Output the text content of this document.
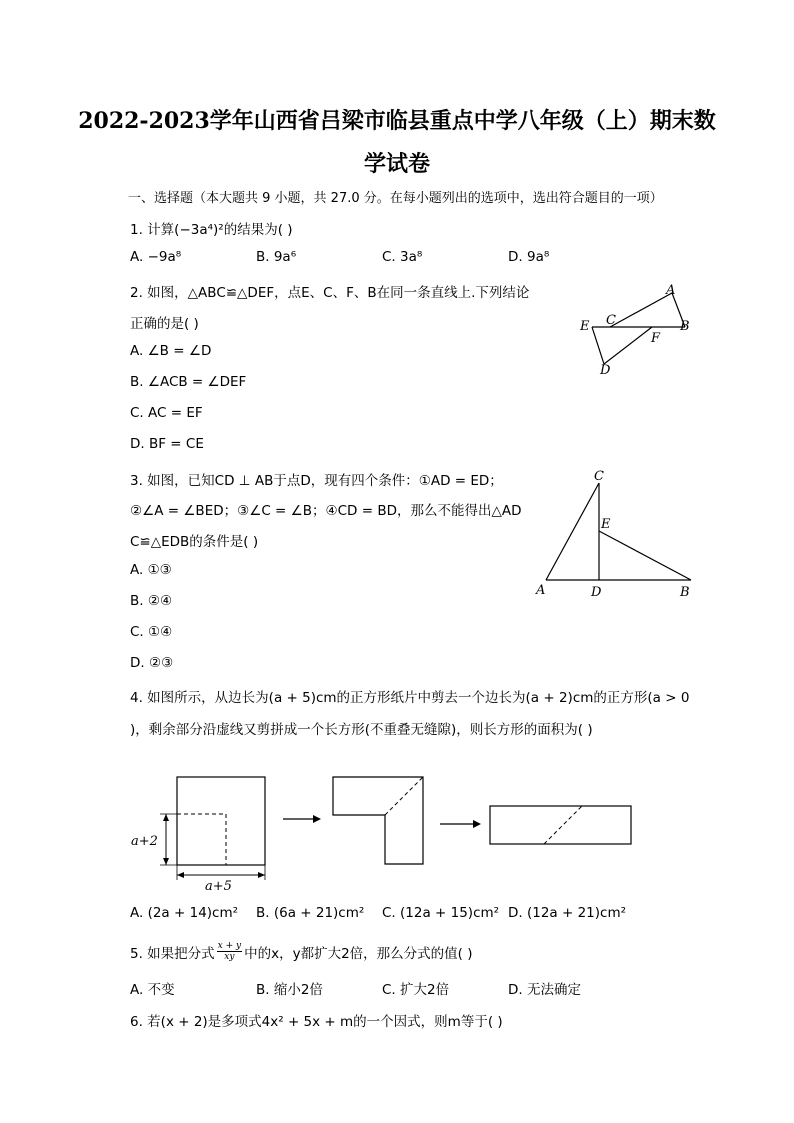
2022-2023学年山西省吕梁市临县重点中学八年级（上）期末数
学试卷
一、选择题（本大题共 9 小题，共 27.0 分。在每小题列出的选项中，选出符合题目的一项）
1. 计算(−3a⁴)²的结果为( )
A. −9a⁸	B. 9a⁶	C. 3a⁸	D. 9a⁸
2. 如图，△ABC≌△DEF，点E、C、F、B在同一条直线上.下列结论
正确的是( )
A. ∠B = ∠D
B. ∠ACB = ∠DEF
C. AC = EF
D. BF = CE
A
B
C
D
E
F
3. 如图，已知CD ⊥ AB于点D，现有四个条件：①AD = ED；
②∠A = ∠BED；③∠C = ∠B；④CD = BD，那么不能得出△AD
C≌△EDB的条件是( )
A. ①③
B. ②④
C. ①④
D. ②③
C
E
A	D	B
4. 如图所示，从边长为(a + 5)cm的正方形纸片中剪去一个边长为(a + 2)cm的正方形(a > 0
)，剩余部分沿虚线又剪拼成一个长方形(不重叠无缝隙)，则长方形的面积为( )
a+2
a+5
A. (2a + 14)cm² B. (6a + 21)cm² C. (12a + 15)cm² D. (12a + 21)cm²
5. 如果把分式 $\frac{x + y}{xy}$ 中的x，y都扩大2倍，那么分式的值( )
A. 不变	B. 缩小2倍	C. 扩大2倍	D. 无法确定
6. 若(x + 2)是多项式4x² + 5x + m的一个因式，则m等于( )
